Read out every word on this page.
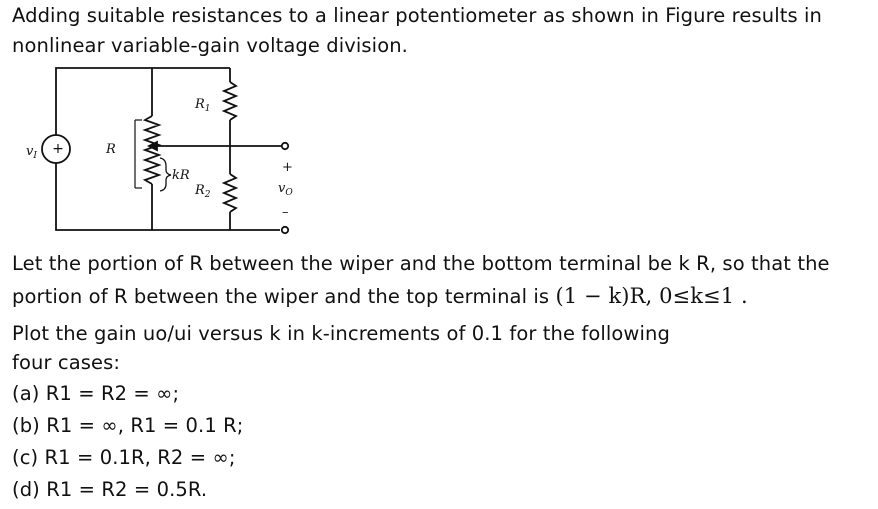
Adding suitable resistances to a linear potentiometer as shown in Figure results in
nonlinear variable-gain voltage division.
+
$v_I$	R
kR
$R_1$
$R_2$
+
$v_O$
–
Let the portion of R between the wiper and the bottom terminal be k R, so that the
portion of R between the wiper and the top terminal is (1 − k)R, 0≤k≤1 .
Plot the gain uo/ui versus k in k-increments of 0.1 for the following
four cases:
(a) R1 = R2 = ∞;
(b) R1 = ∞, R1 = 0.1 R;
(c) R1 = 0.1R, R2 = ∞;
(d) R1 = R2 = 0.5R.
